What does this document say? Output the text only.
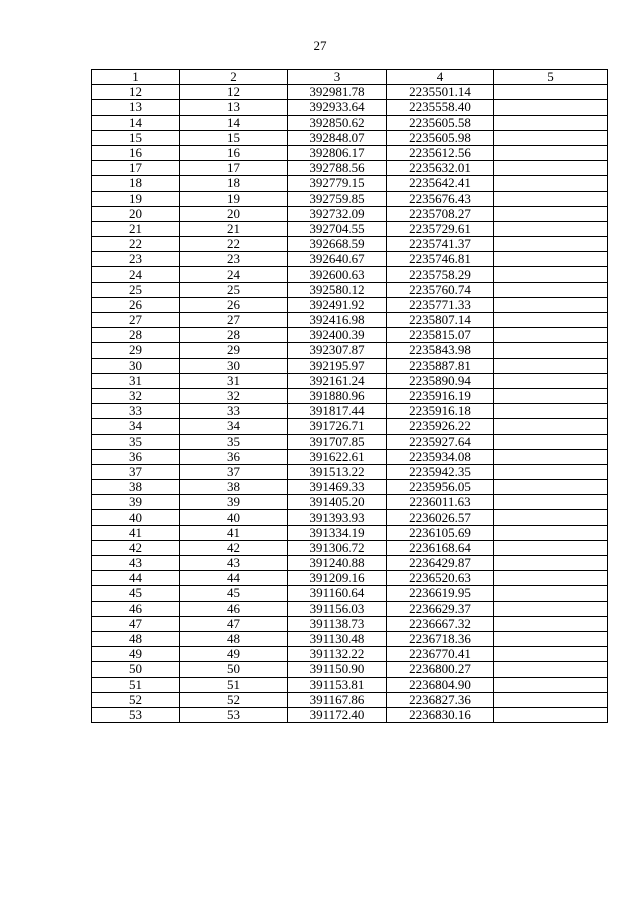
27
1	2	3	4	5
12	12	392981.78	2235501.14	
13	13	392933.64	2235558.40	
14	14	392850.62	2235605.58	
15	15	392848.07	2235605.98	
16	16	392806.17	2235612.56	
17	17	392788.56	2235632.01	
18	18	392779.15	2235642.41	
19	19	392759.85	2235676.43	
20	20	392732.09	2235708.27	
21	21	392704.55	2235729.61	
22	22	392668.59	2235741.37	
23	23	392640.67	2235746.81	
24	24	392600.63	2235758.29	
25	25	392580.12	2235760.74	
26	26	392491.92	2235771.33	
27	27	392416.98	2235807.14	
28	28	392400.39	2235815.07	
29	29	392307.87	2235843.98	
30	30	392195.97	2235887.81	
31	31	392161.24	2235890.94	
32	32	391880.96	2235916.19	
33	33	391817.44	2235916.18	
34	34	391726.71	2235926.22	
35	35	391707.85	2235927.64	
36	36	391622.61	2235934.08	
37	37	391513.22	2235942.35	
38	38	391469.33	2235956.05	
39	39	391405.20	2236011.63	
40	40	391393.93	2236026.57	
41	41	391334.19	2236105.69	
42	42	391306.72	2236168.64	
43	43	391240.88	2236429.87	
44	44	391209.16	2236520.63	
45	45	391160.64	2236619.95	
46	46	391156.03	2236629.37	
47	47	391138.73	2236667.32	
48	48	391130.48	2236718.36	
49	49	391132.22	2236770.41	
50	50	391150.90	2236800.27	
51	51	391153.81	2236804.90	
52	52	391167.86	2236827.36	
53	53	391172.40	2236830.16	
